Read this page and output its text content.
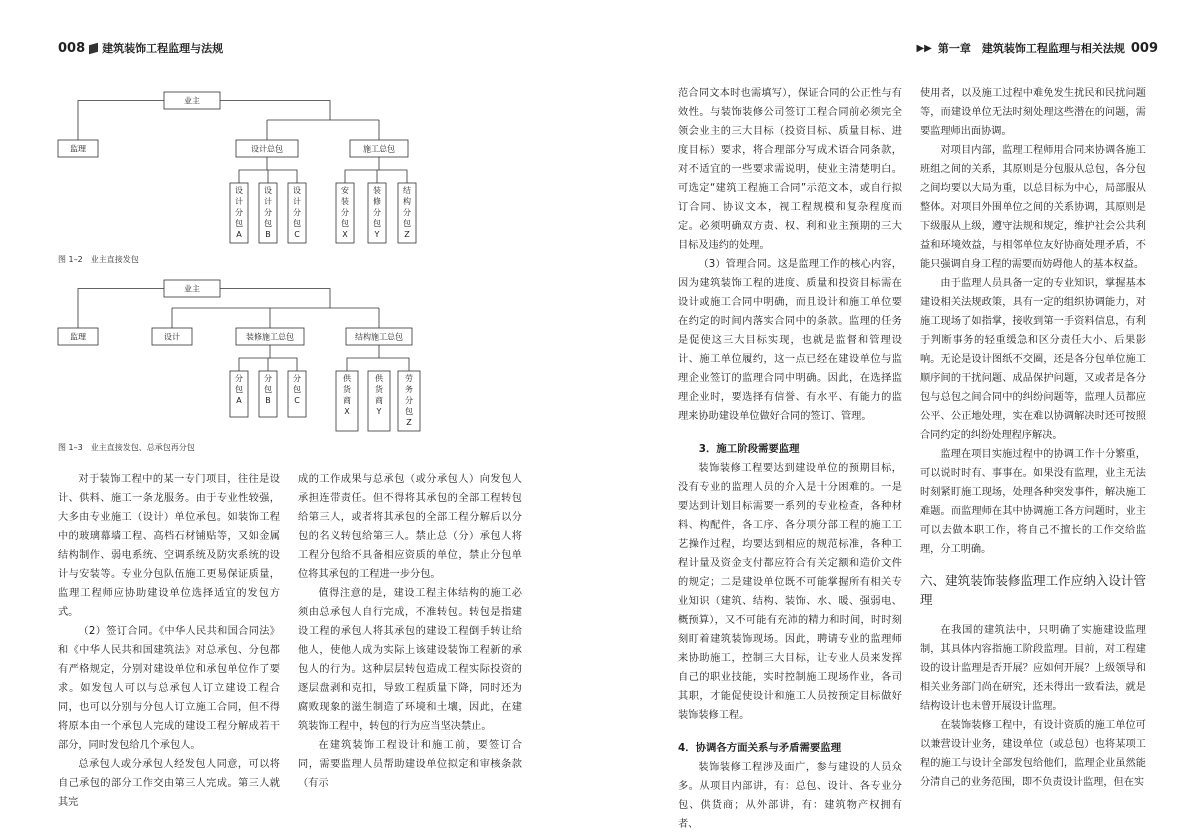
008 建筑装饰工程监理与法规
业主
监理	设计总包	施工总包
设
计
分
包
A
设
计
分
包
B
设
计
分
包
C
安
装
分
包
X
装
修
分
包
Y
结
构
分
包
Z
图 1–2　业主直接发包
业主
监理	设计	装修施工总包	结构施工总包
分
包
A
分
包
B
分
包
C
供
货
商
X
供
货
商
Y
劳
务
分
包
Z
图 1–3　业主直接发包、总承包再分包

对于装饰工程中的某一专门项目，往往是设计、供料、施工一条龙服务。由于专业性较强，大多由专业施工（设计）单位承包。如装饰工程中的玻璃幕墙工程、高档石材铺贴等，又如金属结构制作、弱电系统、空调系统及防灾系统的设计与安装等。专业分包队伍施工更易保证质量，监理工程师应协助建设单位选择适宜的发包方式。

（2）签订合同。《中华人民共和国合同法》和《中华人民共和国建筑法》对总承包、分包都有严格规定，分别对建设单位和承包单位作了要求。如发包人可以与总承包人订立建设工程合同，也可以分别与分包人订立施工合同，但不得将原本由一个承包人完成的建设工程分解成若干部分，同时发包给几个承包人。

总承包人或分承包人经发包人同意，可以将自己承包的部分工作交由第三人完成。第三人就其完

成的工作成果与总承包（或分承包人）向发包人承担连带责任。但不得将其承包的全部工程转包给第三人，或者将其承包的全部工程分解后以分包的名义转包给第三人。禁止总（分）承包人将工程分包给不具备相应资质的单位，禁止分包单位将其承包的工程进一步分包。

值得注意的是，建设工程主体结构的施工必须由总承包人自行完成，不准转包。转包是指建设工程的承包人将其承包的建设工程倒手转让给他人，使他人成为实际上该建设装饰工程新的承包人的行为。这种层层转包造成工程实际投资的逐层盘剥和克扣，导致工程质量下降，同时还为腐败现象的滋生制造了环境和土壤，因此，在建筑装饰工程中，转包的行为应当坚决禁止。

在建筑装饰工程设计和施工前，要签订合同，需要监理人员帮助建设单位拟定和审核条款（有示

▶▶ 第一章　建筑装饰工程监理与相关法规 009

范合同文本时也需填写），保证合同的公正性与有效性。与装饰装修公司签订工程合同前必须完全领会业主的三大目标（投资目标、质量目标、进度目标）要求，将合理部分写成术语合同条款，对不适宜的一些要求需说明，使业主清楚明白。可选定“建筑工程施工合同”示范文本，或自行拟订合同、协议文本，视工程规模和复杂程度而定。必须明确双方责、权、利和业主预期的三大目标及违约的处理。

（3）管理合同。这是监理工作的核心内容，因为建筑装饰工程的进度、质量和投资目标需在设计或施工合同中明确，而且设计和施工单位要在约定的时间内落实合同中的条款。监理的任务是促使这三大目标实现，也就是监督和管理设计、施工单位履约，这一点已经在建设单位与监理企业签订的监理合同中明确。因此，在选择监理企业时，要选择有信誉、有水平、有能力的监理来协助建设单位做好合同的签订、管理。

3．施工阶段需要监理

装饰装修工程要达到建设单位的预期目标，没有专业的监理人员的介入是十分困难的。一是要达到计划目标需要一系列的专业检查，各种材料、构配件，各工序、各分项分部工程的施工工艺操作过程，均要达到相应的规范标准，各种工程计量及资金支付都应符合有关定额和造价文件的规定；二是建设单位既不可能掌握所有相关专业知识（建筑、结构、装饰、水、暖、强弱电、概预算），又不可能有充沛的精力和时间，时时刻刻盯着建筑装饰现场。因此，聘请专业的监理师来协助施工，控制三大目标，让专业人员来发挥自己的职业技能，实时控制施工现场作业，各司其职，才能促使设计和施工人员按预定目标做好装饰装修工程。

4．协调各方面关系与矛盾需要监理

装饰装修工程涉及面广，参与建设的人员众多。从项目内部讲，有：总包、设计、各专业分包、供货商；从外部讲，有：建筑物产权拥有者、

使用者，以及施工过程中难免发生扰民和民扰问题等，而建设单位无法时刻处理这些潜在的问题，需要监理师出面协调。

对项目内部，监理工程师用合同来协调各施工班组之间的关系，其原则是分包服从总包，各分包之间均要以大局为重，以总目标为中心，局部服从整体。对项目外围单位之间的关系协调，其原则是下级服从上级，遵守法规和规定，维护社会公共利益和环境效益，与相邻单位友好协商处理矛盾，不能只强调自身工程的需要而妨碍他人的基本权益。

由于监理人员具备一定的专业知识，掌握基本建设相关法规政策，具有一定的组织协调能力，对施工现场了如指掌，接收到第一手资料信息，有利于判断事务的轻重缓急和区分责任大小、后果影响。无论是设计图纸不交圈，还是各分包单位施工顺序间的干扰问题、成品保护问题，又或者是各分包与总包之间合同中的纠纷问题等，监理人员都应公平、公正地处理，实在难以协调解决时还可按照合同约定的纠纷处理程序解决。

监理在项目实施过程中的协调工作十分繁重，可以说时时有、事事在。如果没有监理，业主无法时刻紧盯施工现场，处理各种突发事件，解决施工难题。而监理师在其中协调施工各方问题时，业主可以去做本职工作，将自己不擅长的工作交给监理，分工明确。

六、建筑装饰装修监理工作应纳入设计管理

在我国的建筑法中，只明确了实施建设监理制，其具体内容指施工阶段监理。目前，对工程建设的设计监理是否开展？应如何开展？上级领导和相关业务部门尚在研究，还未得出一致看法，就是结构设计也未曾开展设计监理。

在装饰装修工程中，有设计资质的施工单位可以兼营设计业务，建设单位（或总包）也将某项工程的施工与设计全部发包给他们，监理企业虽然能分清自己的业务范围，即不负责设计监理，但在实
